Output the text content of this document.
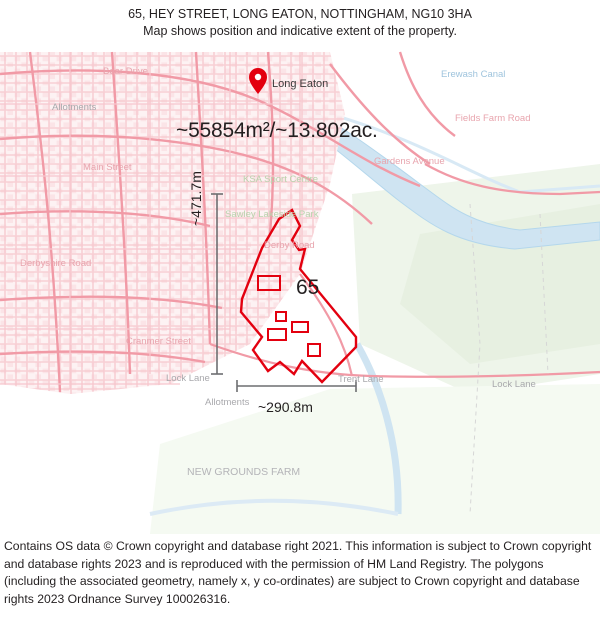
65, HEY STREET, LONG EATON, NOTTINGHAM, NG10 3HA
Map shows position and indicative extent of the property.
Long Eaton
~55854m²/~13.802ac.
65
~471.7m
~290.8m
Erewash Canal
Bear Drive
Allotments
Fields Farm Road
Main Street
KSA Sport Centre
Sawley Lakeside Park
Gardens Avenue
Derby Road
Derbyshire Road
Cranmer Street
Lock Lane
Lock Lane
Trent Lane
Allotments
NEW GROUNDS FARM
Contains OS data © Crown copyright and database right 2021. This information is subject to Crown copyright and database rights 2023 and is reproduced with the permission of HM Land Registry. The polygons (including the associated geometry, namely x, y co-ordinates) are subject to Crown copyright and database rights 2023 Ordnance Survey 100026316.
